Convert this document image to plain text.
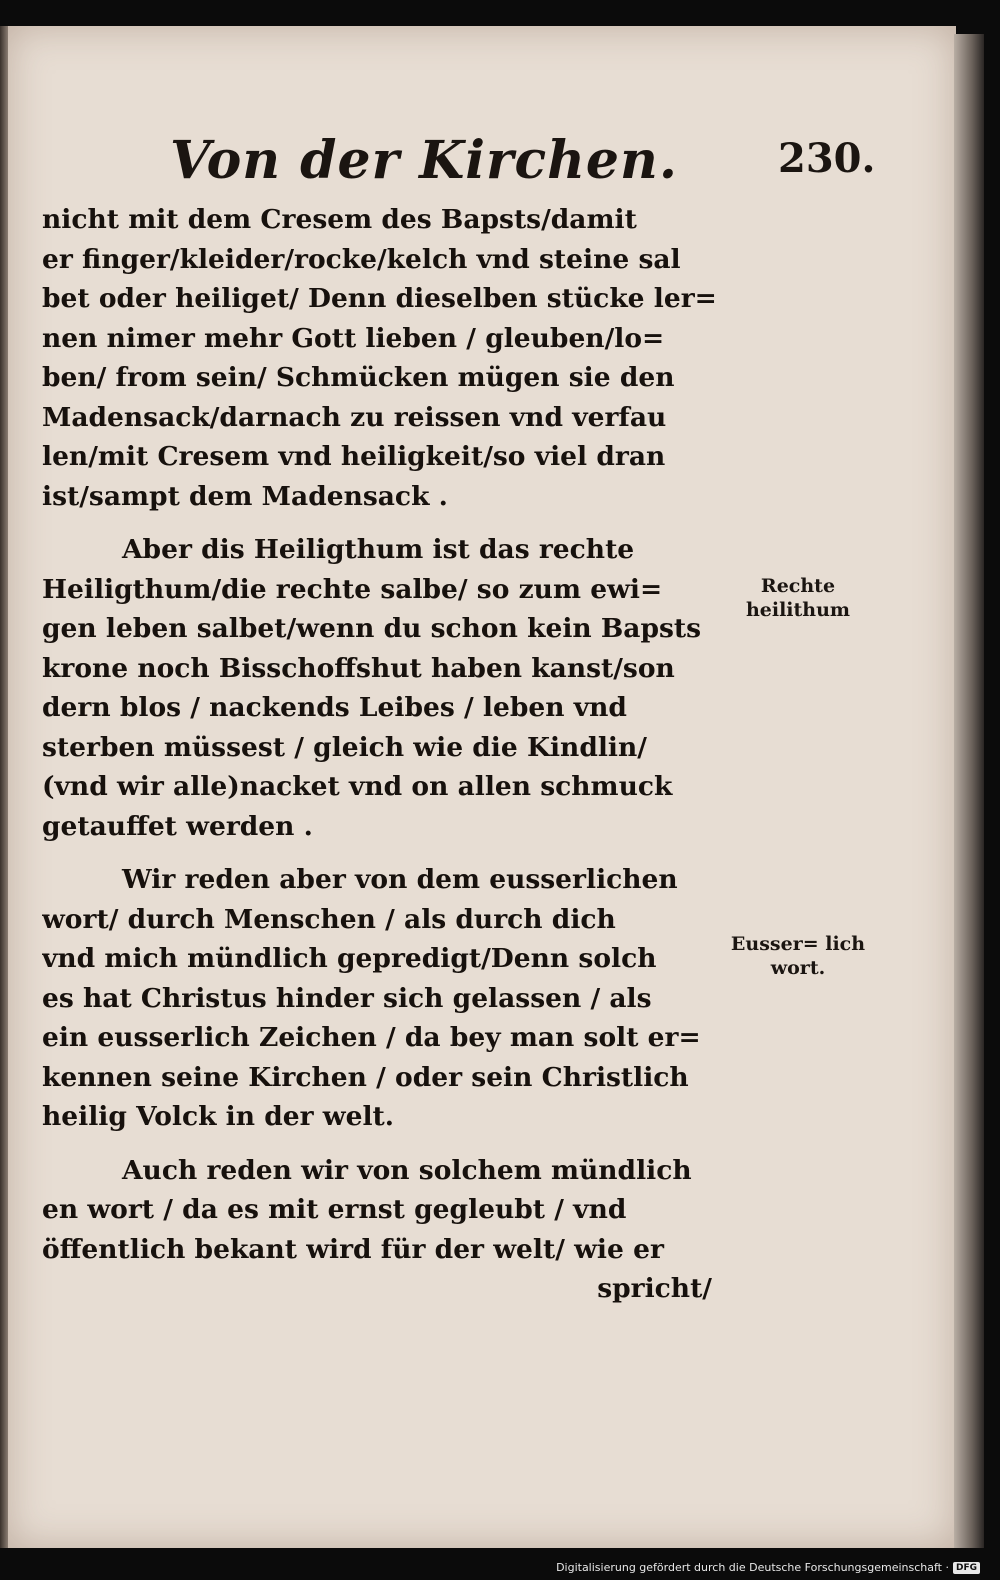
Von der Kirchen.	230.
nicht mit dem Cresem des Bapsts/damit
er finger/kleider/rocke/kelch vnd steine sal
bet oder heiliget/ Denn dieselben stücke ler=
nen nimer mehr Gott lieben / gleuben/lo=
ben/ from sein/ Schmücken mügen sie den
Madensack/darnach zu reissen vnd verfau
len/mit Cresem vnd heiligkeit/so viel dran
ist/sampt dem Madensack .
Aber dis Heiligthum ist das rechte
Heiligthum/die rechte salbe/ so zum ewi=
gen leben salbet/wenn du schon kein Bapsts
krone noch Bisschoffshut haben kanst/son
dern blos / nackends Leibes / leben vnd
sterben müssest / gleich wie die Kindlin/
(vnd wir alle)nacket vnd on allen schmuck
getauffet werden .
Wir reden aber von dem eusserlichen
wort/ durch Menschen / als durch dich
vnd mich mündlich gepredigt/Denn solch
es hat Christus hinder sich gelassen / als
ein eusserlich Zeichen / da bey man solt er=
kennen seine Kirchen / oder sein Christlich
heilig Volck in der welt.
Auch reden wir von solchem mündlich
en wort / da es mit ernst gegleubt / vnd
öffentlich bekant wird für der welt/ wie er
spricht/
Rechte heilithum
Eusser= lich wort.
Digitalisierung gefördert durch die Deutsche Forschungsgemeinschaft · DFG
